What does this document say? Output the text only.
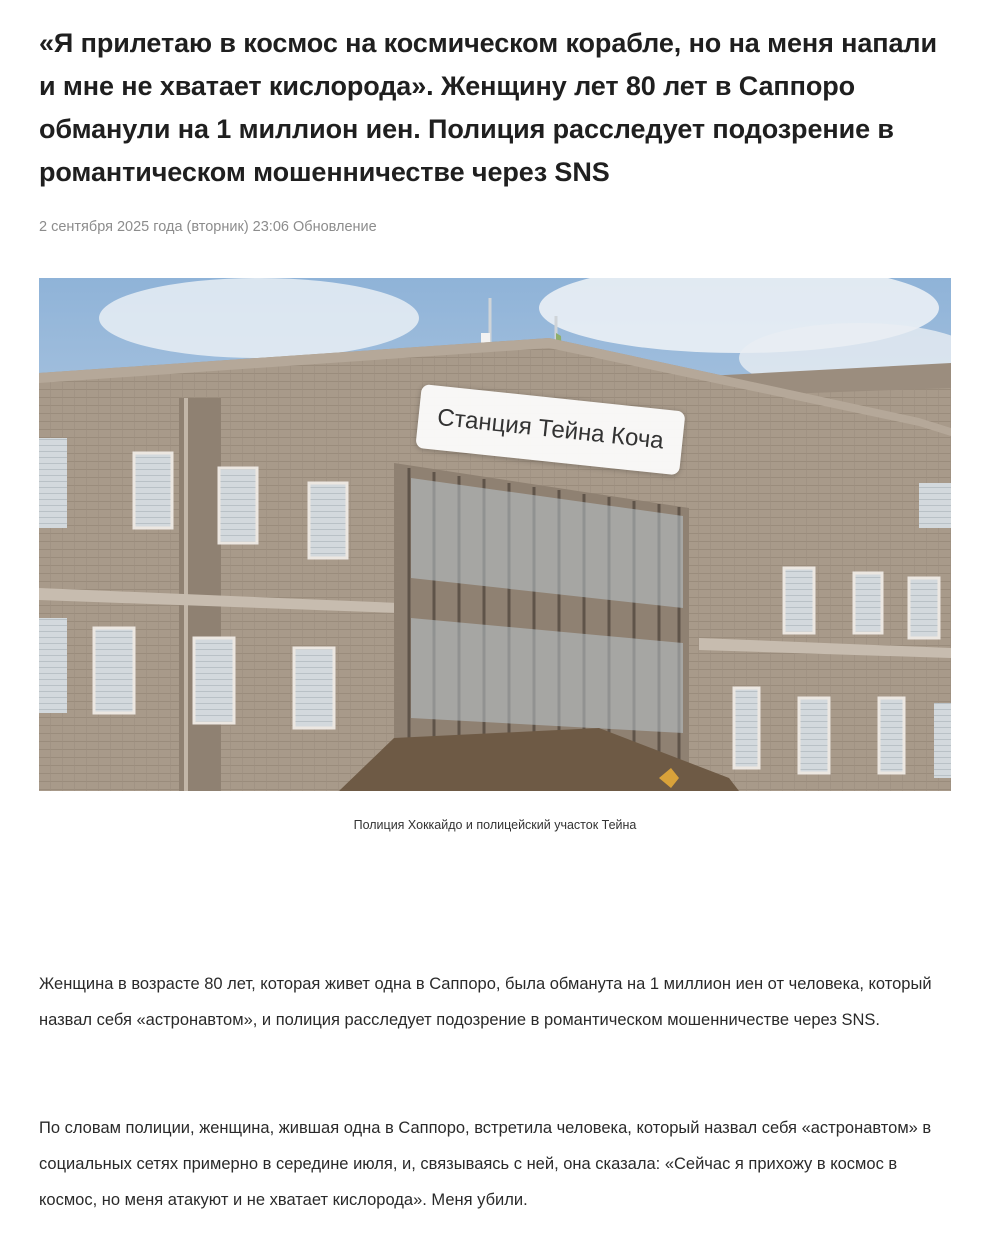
«Я прилетаю в космос на космическом корабле, но на меня напали и мне не хватает кислорода». Женщину лет 80 лет в Саппоро обманули на 1 миллион иен. Полиция расследует подозрение в романтическом мошенничестве через SNS
2 сентября 2025 года (вторник) 23:06 Обновление
Станция Тейна Коча
Полиция Хоккайдо и полицейский участок Тейна

Женщина в возрасте 80 лет, которая живет одна в Саппоро, была обманута на 1 миллион иен от человека, который назвал себя «астронавтом», и полиция расследует подозрение в романтическом мошенничестве через SNS.

По словам полиции, женщина, жившая одна в Саппоро, встретила человека, который назвал себя «астронавтом» в социальных сетях примерно в середине июля, и, связываясь с ней, она сказала: «Сейчас я прихожу в космос в космос, но меня атакуют и не хватает кислорода». Меня убили.
